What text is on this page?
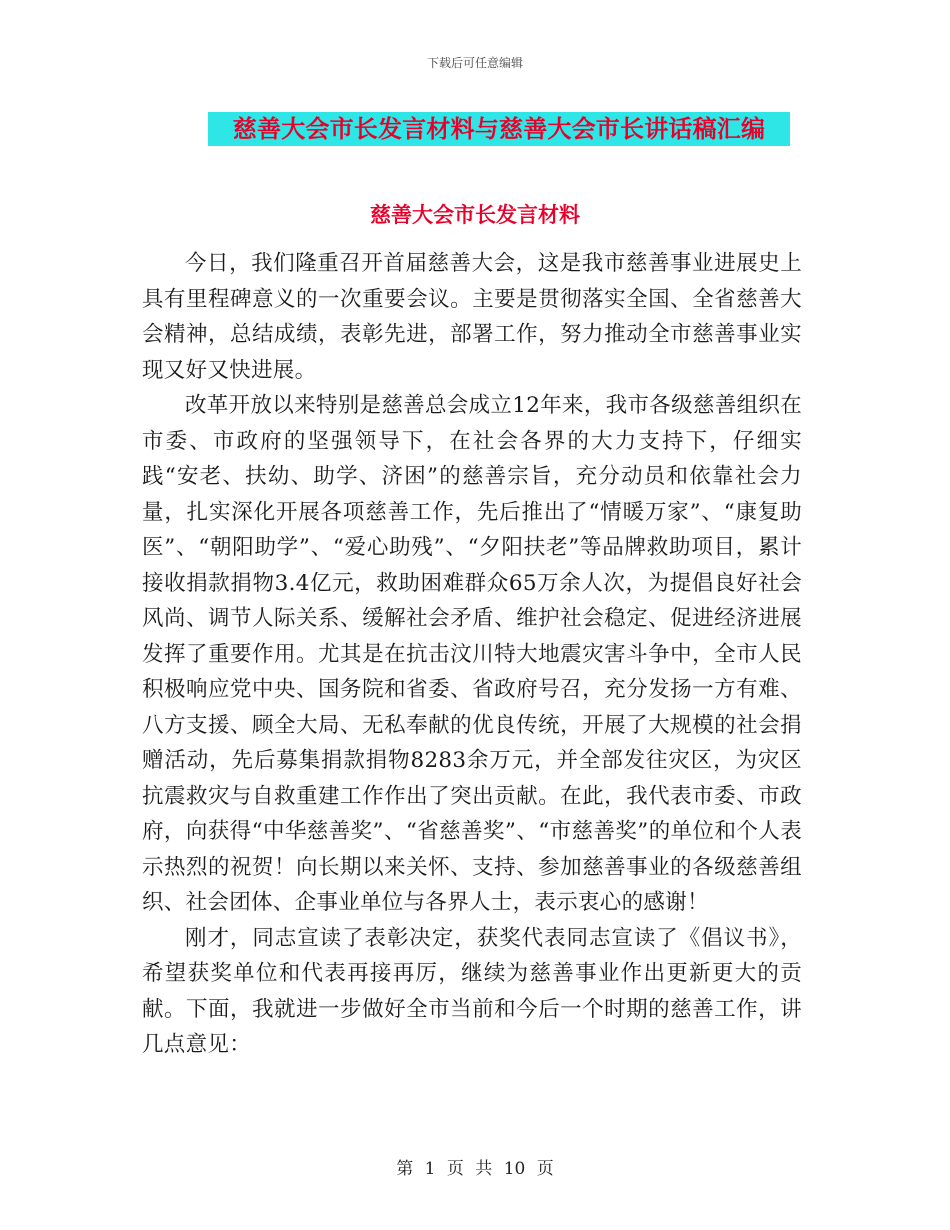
下载后可任意编辑
慈善大会市长发言材料与慈善大会市长讲话稿汇编
慈善大会市长发言材料

今日，我们隆重召开首届慈善大会，这是我市慈善事业进展史上具有里程碑意义的一次重要会议。主要是贯彻落实全国、全省慈善大会精神，总结成绩，表彰先进，部署工作，努力推动全市慈善事业实现又好又快进展。

改革开放以来特别是慈善总会成立12年来，我市各级慈善组织在市委、市政府的坚强领导下，在社会各界的大力支持下，仔细实践“安老、扶幼、助学、济困”的慈善宗旨，充分动员和依靠社会力量，扎实深化开展各项慈善工作，先后推出了“情暖万家”、“康复助医”、“朝阳助学”、“爱心助残”、“夕阳扶老”等品牌救助项目，累计接收捐款捐物3.4亿元，救助困难群众65万余人次，为提倡良好社会风尚、调节人际关系、缓解社会矛盾、维护社会稳定、促进经济进展发挥了重要作用。尤其是在抗击汶川特大地震灾害斗争中，全市人民积极响应党中央、国务院和省委、省政府号召，充分发扬一方有难、八方支援、顾全大局、无私奉献的优良传统，开展了大规模的社会捐赠活动，先后募集捐款捐物8283余万元，并全部发往灾区，为灾区抗震救灾与自救重建工作作出了突出贡献。在此，我代表市委、市政府，向获得“中华慈善奖”、“省慈善奖”、“市慈善奖”的单位和个人表示热烈的祝贺！向长期以来关怀、支持、参加慈善事业的各级慈善组织、社会团体、企事业单位与各界人士，表示衷心的感谢！

刚才，同志宣读了表彰决定，获奖代表同志宣读了《倡议书》，希望获奖单位和代表再接再厉，继续为慈善事业作出更新更大的贡献。下面，我就进一步做好全市当前和今后一个时期的慈善工作，讲几点意见：

第 1 页 共 10 页
